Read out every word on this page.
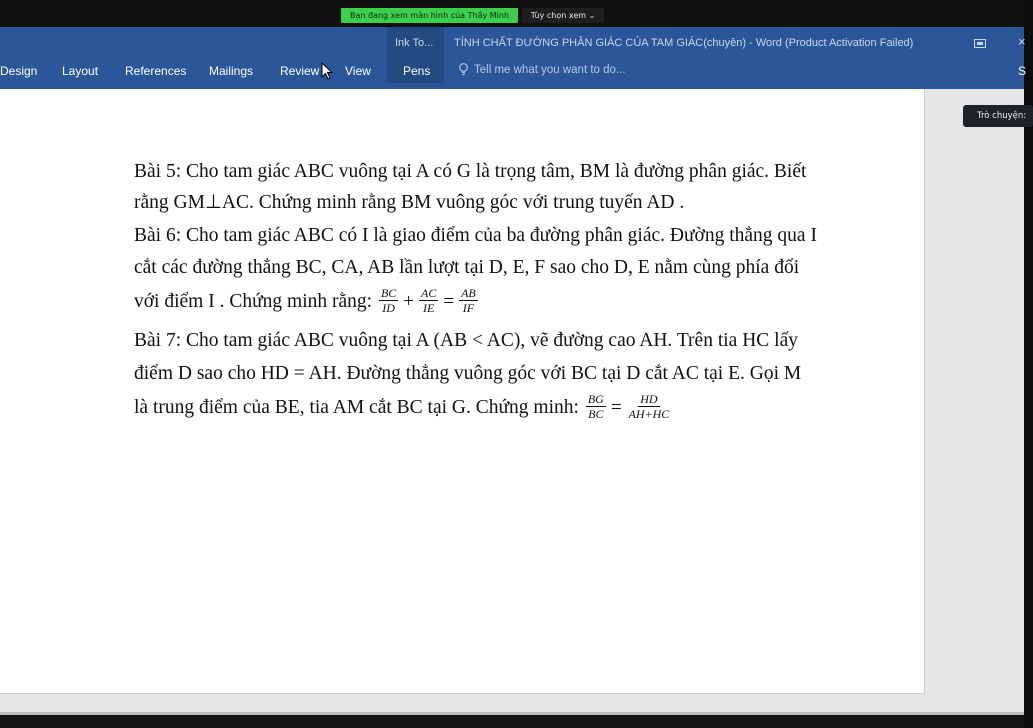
Bạn đang xem màn hình của Thầy Minh	Tùy chọn xem ⌄
Ink To... TÍNH CHẤT ĐƯỜNG PHÂN GIÁC CỦA TAM GIÁC(chuyên) - Word (Product Activation Failed)	×
Design Layout References Mailings Review View	Pens	Tell me what you want to do...	S
Trò chuyện:
Bài 5: Cho tam giác ABC vuông tại A có G là trọng tâm, BM là đường phân giác. Biết
rằng GM⊥AC. Chứng minh rằng BM vuông góc với trung tuyến AD .
Bài 6: Cho tam giác ABC có I là giao điểm của ba đường phân giác. Đường thẳng qua I
cắt các đường thẳng BC, CA, AB lần lượt tại D, E, F sao cho D, E nằm cùng phía đối
với điểm I . Chứng minh rằng: $\frac{BC}{ID} + \frac{AC}{IE} = \frac{AB}{IF}$
Bài 7: Cho tam giác ABC vuông tại A (AB < AC), vẽ đường cao AH. Trên tia HC lấy
điểm D sao cho HD = AH. Đường thẳng vuông góc với BC tại D cắt AC tại E. Gọi M
là trung điểm của BE, tia AM cắt BC tại G. Chứng minh: $\frac{BG}{BC} = \frac{HD}{AH+HC}$
